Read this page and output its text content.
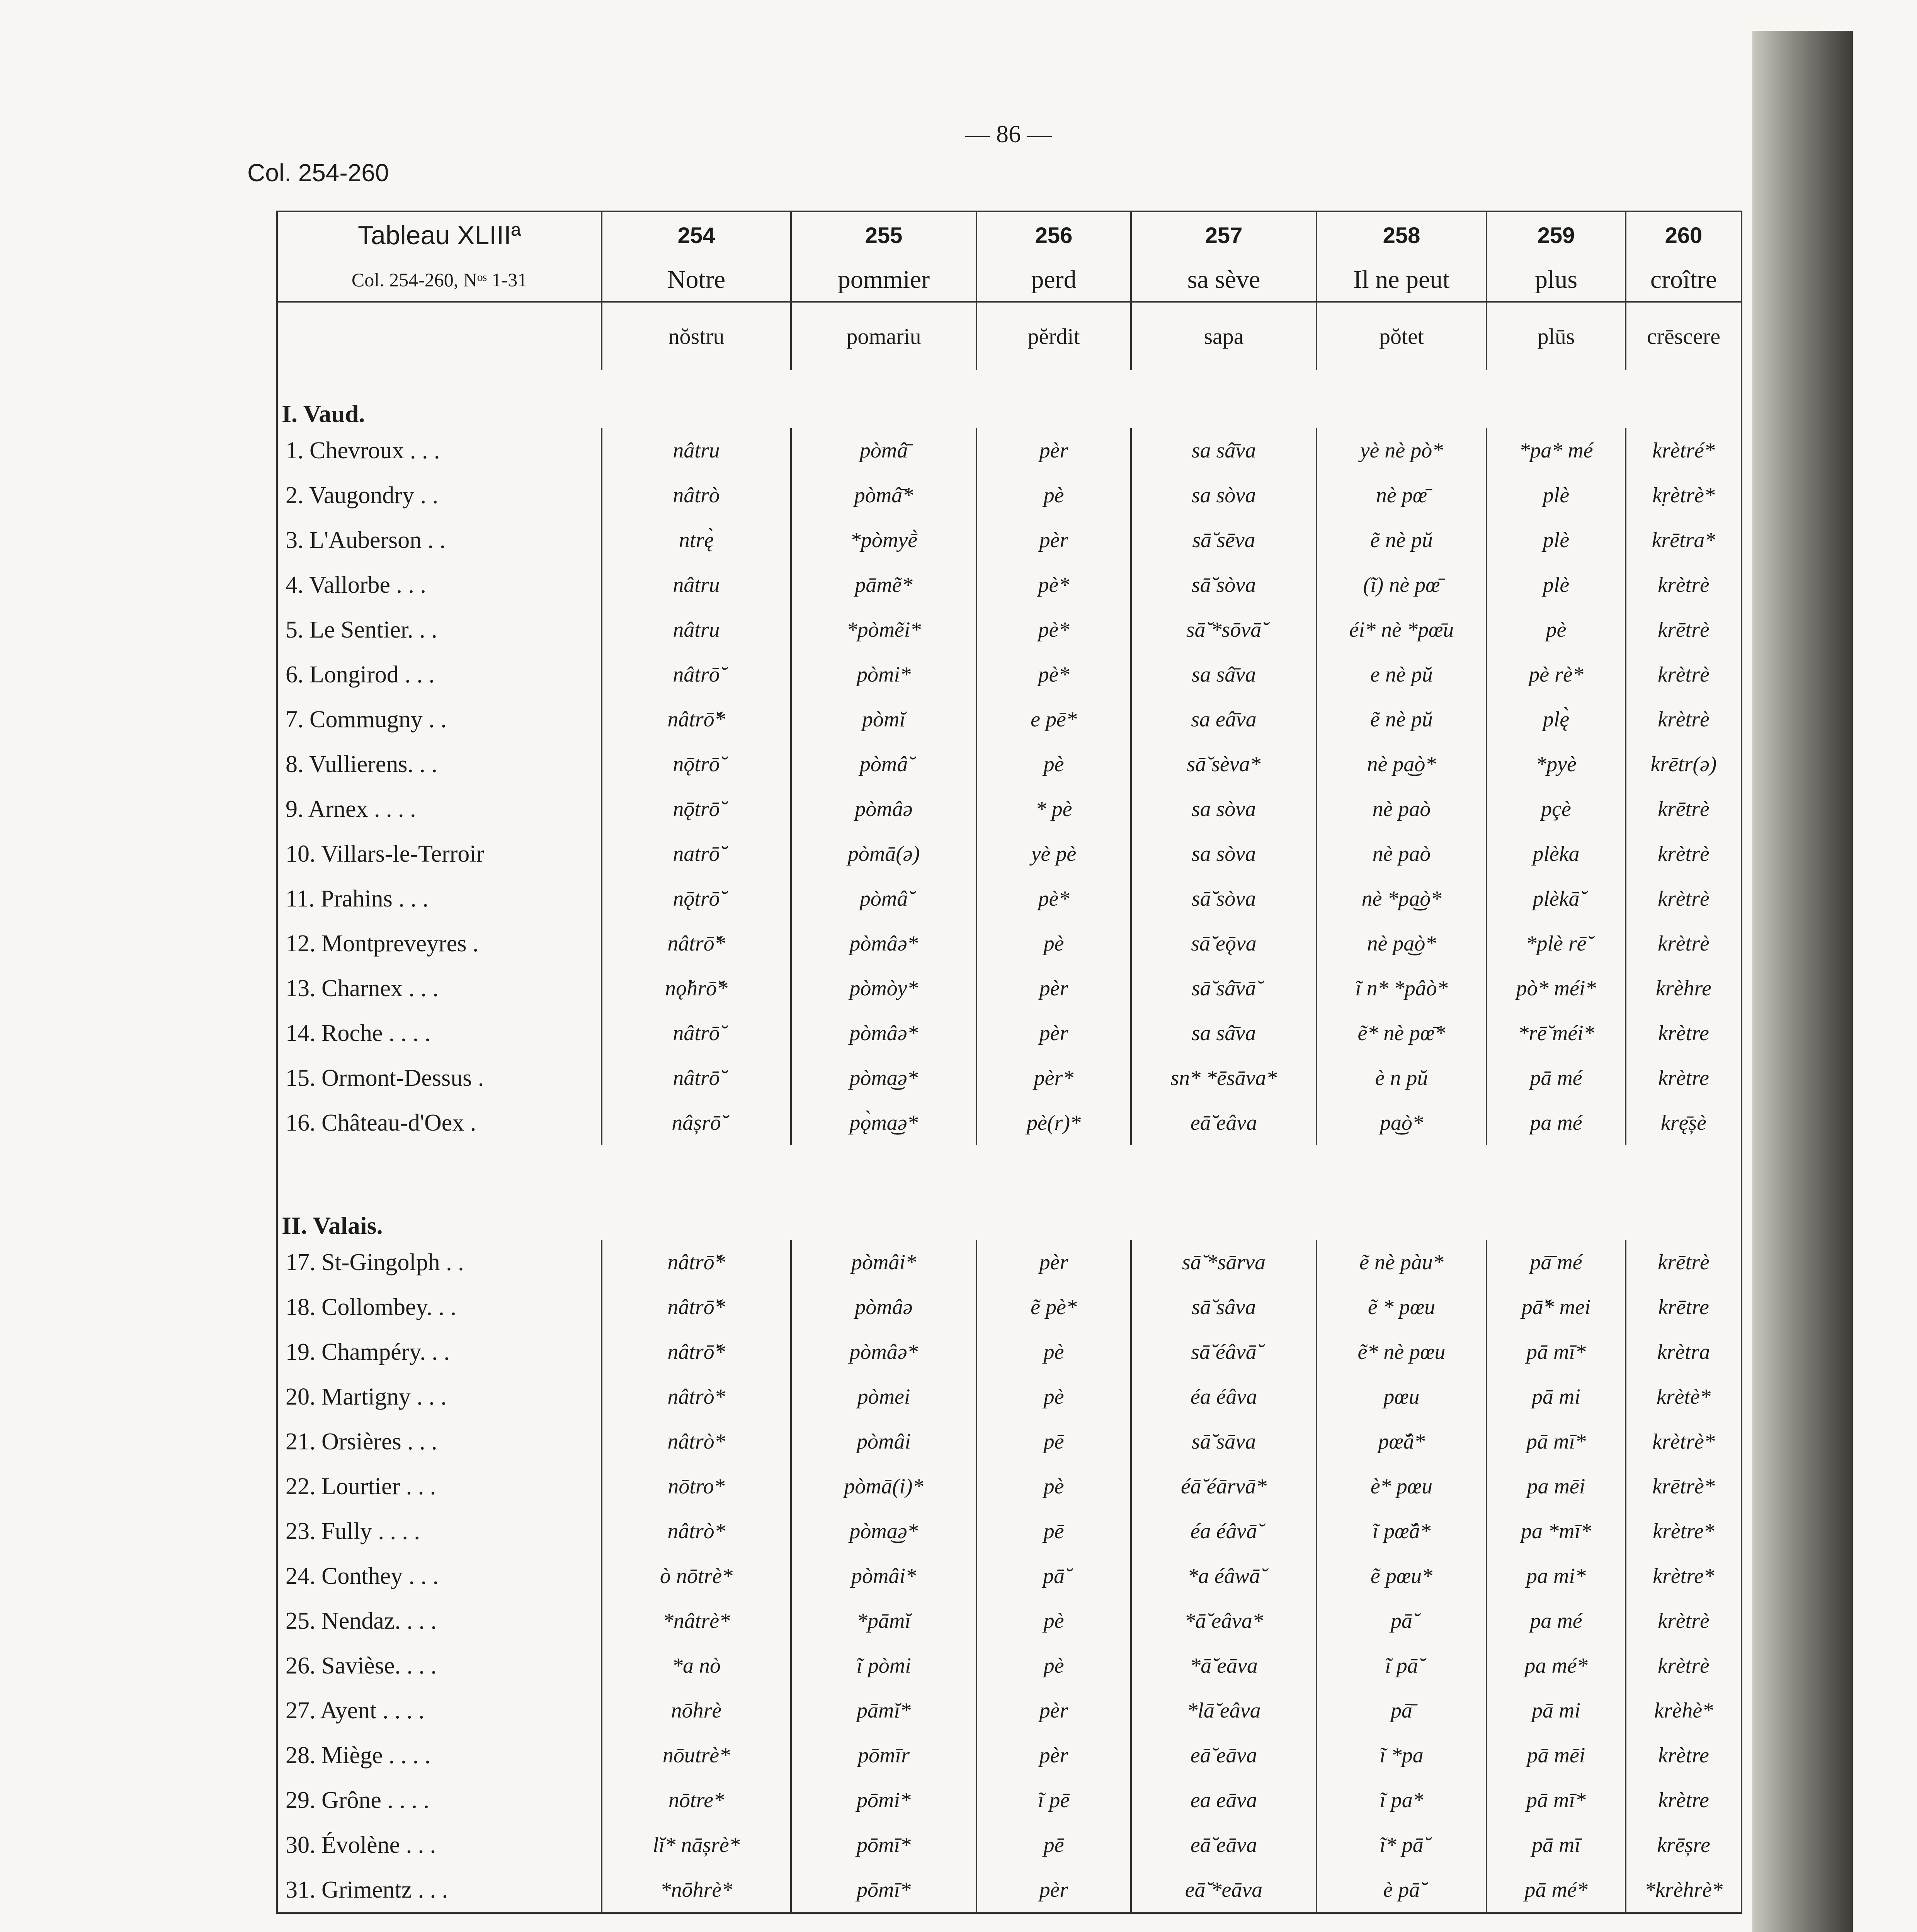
— 86 —
Col. 254-260
Tableau XLIIIª	254	255	256	257	258	259	260
Col. 254-260, Nᵒˢ 1-31	Notre	pommier	perd	sa sève	Il ne peut	plus	croître
	nŏstru	pomariu	pĕrdit	sapa	pŏtet	plūs	crēscere
I. Vaud.							
1. Chevroux . . .	nâtru	pòmâ̄	pèr	sa sâ̄va	yè nè pò*	*pa* mé	krètré*
2. Vaugondry . .	nâtrò	pòmâ̄*	pè	sa sòva	nè pœ̄	plè	kṛètrè*
3. L'Auberson . .	ntrę̀	*pòmyḕ	pèr	sā̆ sēva	ẽ nè pŭ	plè	krētra*
4. Vallorbe . . .	nâtru	pāmẽ*	pè*	sā̆ sòva	(ĩ) nè pœ̄	plè	krètrè
5. Le Sentier. . .	nâtru	*pòmẽi*	pè*	sā̆ *sōvā̆	éi* nè *pœ̄u	pè	krētrè
6. Longirod . . .	nâtrō̆	pòmi*	pè*	sa sâ̄va	e nè pŭ	pè rè*	krètrè
7. Commugny . .	nâtrō̆*	pòmĭ	e pē*	sa eâ̄va	ẽ nè pŭ	plę̀	krètrè
8. Vullierens. . .	nǭtrō̆	pòmâ̆	pè	sā̆ sèva*	nè pa͜ò*	*pyè	krētr(ə)
9. Arnex . . . .	nǭtrō̆	pòmâə	* pè	sa sòva	nè paò	pçè	krētrè
10. Villars-le-Terroir	natrō̆	pòmā(ə)	yè pè	sa sòva	nè paò	plèka	krètrè
11. Prahins . . .	nǭtrō̆	pòmâ̆	pè*	sā̆ sòva	nè *pa͜ò*	plèkā̆	krètrè
12. Montpreveyres .	nâtrō̆*	pòmâə*	pè	sā̆ eǭva	nè pa͜ò*	*plè rē̆	krètrè
13. Charnex . . .	nǫ̆hrō̆*	pòmòy*	pèr	sā̆ sâ̄vā̆	ĩ n* *pâò*	pò* méi*	krèhre
14. Roche . . . .	nâtrō̆	pòmâə*	pèr	sa sâ̄va	ẽ* nè pœ̄*	*rē̆ méi*	krètre
15. Ormont-Dessus .	nâtrō̆	pòma͜ə*	pèr*	sn* *ēsāva*	è n pŭ	pā mé	krètre
16. Château-d'Oex .	nâșrō̆	pǫ̀ma͜ə*	pè(r)*	eā̆ eâva	pa͜ò*	pa mé	krę̄șè

II. Valais.							
17. St-Gingolph . .	nâtrō̆*	pòmâi*	pèr	sā̆ *sārva	ẽ nè pàu*	pā̄ mé	krētrè
18. Collombey. . .	nâtrō̆*	pòmâə	ẽ pè*	sā̆ sâva	ẽ * pœu	pā̆* mei	krētre
19. Champéry. . .	nâtrō̆*	pòmâə*	pè	sā̆ éâvā̆	ẽ* nè pœu	pā mī*	krètra
20. Martigny . . .	nâtrò*	pòmei	pè	éa éâva	pœu	pā mi	krètè*
21. Orsières . . .	nâtrò*	pòmâi	pē	sā̆ sāva	pœ̆â*	pā mī*	krètrè*
22. Lourtier . . .	nōtro*	pòmā(i)*	pè	éā̆ éārvā*	è* pœu	pa mēi	krētrè*
23. Fully . . . .	nâtrò*	pòma͜ə*	pē	éa éâvā̆	ĩ pœ̆â*	pa *mī*	krètre*
24. Conthey . . .	ò nōtrè*	pòmâi*	pā̆	*a éâwā̆	ẽ pœu*	pa mi*	krètre*
25. Nendaz. . . .	*nâtrè*	*pāmĭ	pè	*ā̆ eâva*	pā̆	pa mé	krètrè
26. Savièse. . . .	*a nò	ĩ pòmi	pè	*ā̆ eāva	ĩ pā̆	pa mé*	krètrè
27. Ayent . . . .	nōhrè	pāmĭ*	pèr	*lā̆ eâva	pā̄	pā mi	krèhè*
28. Miège . . . .	nōutrè*	pōmīr	pèr	eā̆ eāva	ĩ *pa	pā mēi	krètre
29. Grône . . . .	nōtre*	pōmi*	ĩ pē	ea eāva	ĩ pa*	pā mī*	krètre
30. Évolène . . .	lĭ* nāșrè*	pōmī*	pē	eā̆ eāva	ĩ* pā̆	pā mī	krēșre
31. Grimentz . . .	*nōhrè*	pōmī*	pèr	eā̆ *eāva	è pā̆	pā mé*	*krèhrè*
